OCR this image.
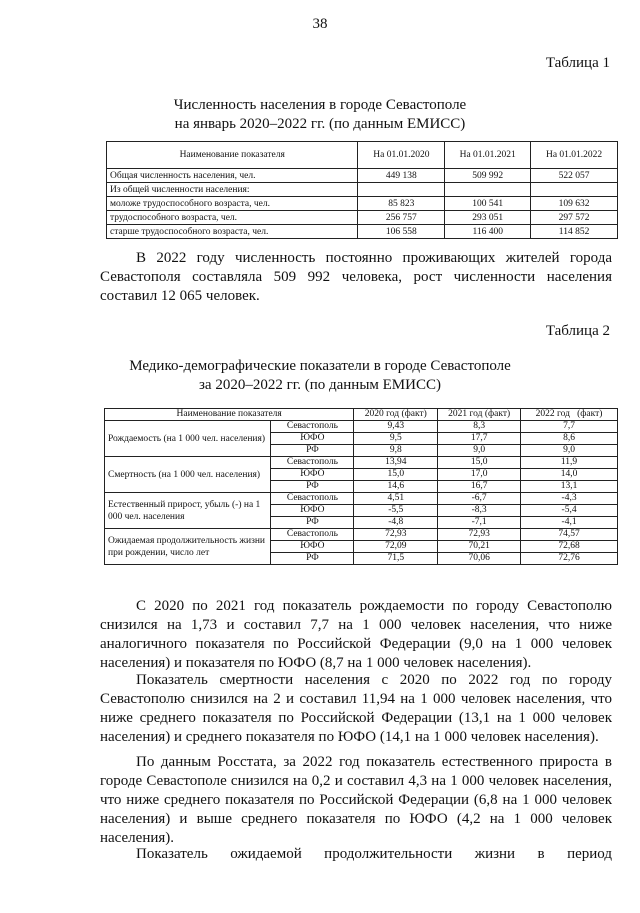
38
Таблица 1
Численность населения в городе Севастополе
на январь 2020–2022 гг. (по данным ЕМИСС)
Наименование показателя	На 01.01.2020	На 01.01.2021	На 01.01.2022
Общая численность населения, чел.	449 138	509 992	522 057
Из общей численности населения:			
моложе трудоспособного возраста, чел.	85 823	100 541	109 632
трудоспособного возраста, чел.	256 757	293 051	297 572
старше трудоспособного возраста, чел.	106 558	116 400	114 852
В 2022 году численность постоянно проживающих жителей города Севастополя составляла 509 992 человека, рост численности населения составил 12 065 человек.
Таблица 2
Медико-демографические показатели в городе Севастополе
за 2020–2022 гг. (по данным ЕМИСС)
Наименование показателя		2020 год (факт)	2021 год (факт)	2022 год   (факт)
Рождаемость (на 1 000 чел. населения)	Севастополь	9,43	8,3	7,7
	ЮФО	9,5	17,7	8,6
	РФ	9,8	9,0	9,0
Смертность (на 1 000 чел. населения)	Севастополь	13,94	15,0	11,9
	ЮФО	15,0	17,0	14,0
	РФ	14,6	16,7	13,1
Естественный прирост, убыль (-) на 1 000 чел. населения	Севастополь	4,51	-6,7	-4,3
	ЮФО	-5,5	-8,3	-5,4
	РФ	-4,8	-7,1	-4,1
Ожидаемая продолжительность жизни при рождении, число лет	Севастополь	72,93	72,93	74,57
	ЮФО	72,09	70,21	72,68
	РФ	71,5	70,06	72,76
С 2020 по 2021 год показатель рождаемости по городу Севастополю снизился на 1,73 и составил 7,7 на 1 000 человек населения, что ниже аналогичного показателя по Российской Федерации (9,0 на 1 000 человек населения) и показателя по ЮФО (8,7 на 1 000 человек населения).
Показатель смертности населения с 2020 по 2022 год по городу Севастополю снизился на 2 и составил 11,94 на 1 000 человек населения, что ниже среднего показателя по Российской Федерации (13,1 на 1 000 человек населения) и среднего показателя по ЮФО (14,1 на 1 000 человек населения).
По данным Росстата, за 2022 год показатель естественного прироста в городе Севастополе снизился на 0,2 и составил 4,3 на 1 000 человек населения, что ниже среднего показателя по Российской Федерации (6,8 на 1 000 человек населения) и выше среднего показателя по ЮФО (4,2 на 1 000 человек населения).
Показатель ожидаемой продолжительности жизни в период
